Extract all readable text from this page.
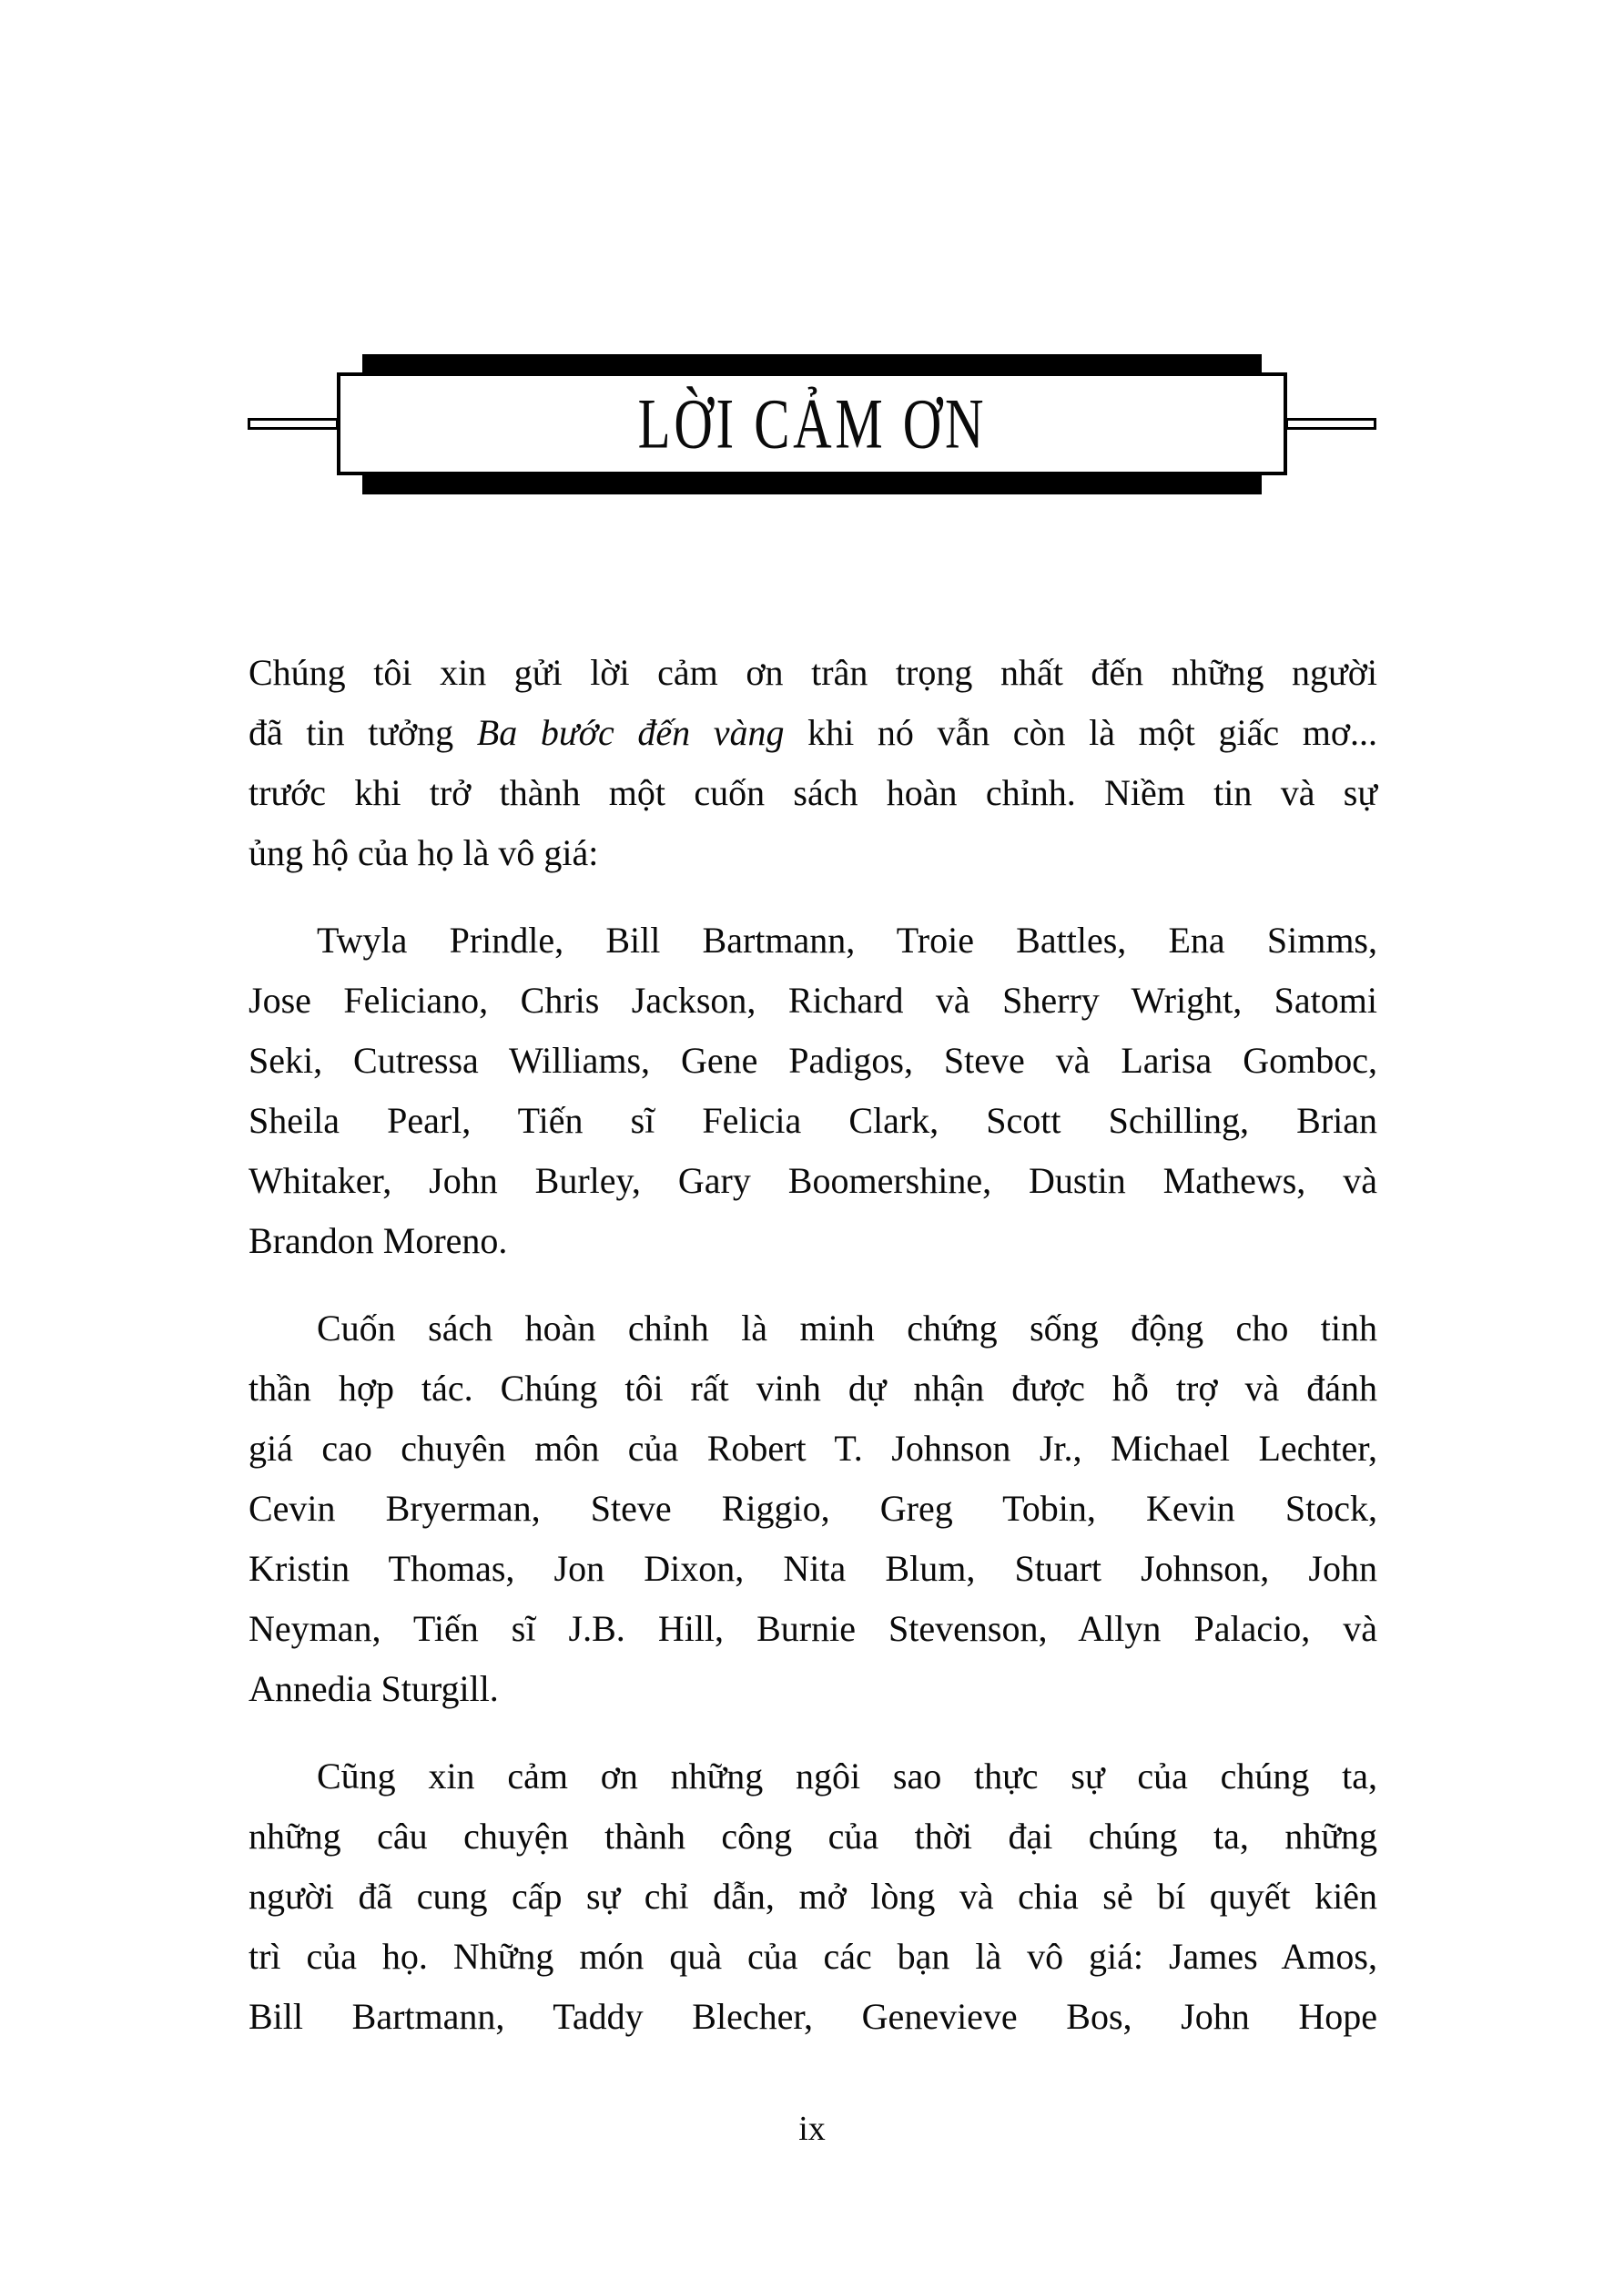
LỜI CẢM ƠN
Chúng tôi xin gửi lời cảm ơn trân trọng nhất đến những người
đã tin tưởng Ba bước đến vàng khi nó vẫn còn là một giấc mơ...
trước khi trở thành một cuốn sách hoàn chỉnh. Niềm tin và sự
ủng hộ của họ là vô giá:
Twyla Prindle, Bill Bartmann, Troie Battles, Ena Simms,
Jose Feliciano, Chris Jackson, Richard và Sherry Wright, Satomi
Seki, Cutressa Williams, Gene Padigos, Steve và Larisa Gomboc,
Sheila Pearl, Tiến sĩ Felicia Clark, Scott Schilling, Brian
Whitaker, John Burley, Gary Boomershine, Dustin Mathews, và
Brandon Moreno.
Cuốn sách hoàn chỉnh là minh chứng sống động cho tinh
thần hợp tác. Chúng tôi rất vinh dự nhận được hỗ trợ và đánh
giá cao chuyên môn của Robert T. Johnson Jr., Michael Lechter,
Cevin Bryerman, Steve Riggio, Greg Tobin, Kevin Stock,
Kristin Thomas, Jon Dixon, Nita Blum, Stuart Johnson, John
Neyman, Tiến sĩ J.B. Hill, Burnie Stevenson, Allyn Palacio, và
Annedia Sturgill.
Cũng xin cảm ơn những ngôi sao thực sự của chúng ta,
những câu chuyện thành công của thời đại chúng ta, những
người đã cung cấp sự chỉ dẫn, mở lòng và chia sẻ bí quyết kiên
trì của họ. Những món quà của các bạn là vô giá: James Amos,
Bill Bartmann, Taddy Blecher, Genevieve Bos, John Hope
ix
